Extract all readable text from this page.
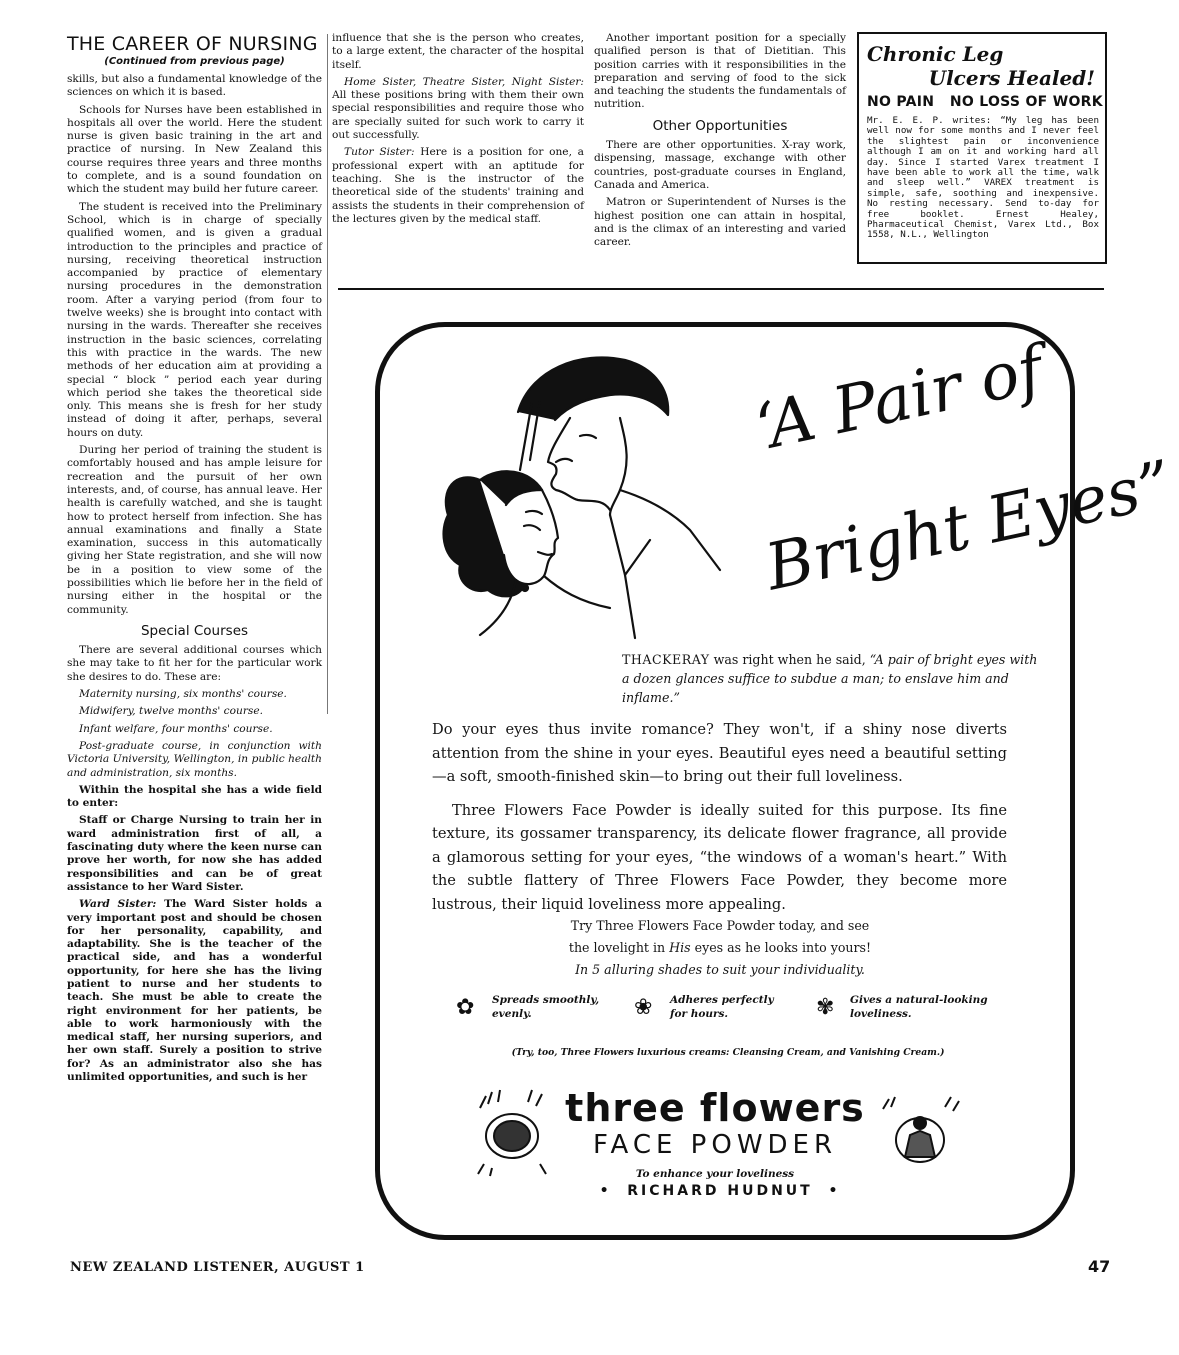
THE CAREER OF NURSING
(Continued from previous page)

skills, but also a fundamental knowledge of the sciences on which it is based.

Schools for Nurses have been established in hospitals all over the world. Here the student nurse is given basic training in the art and practice of nursing. In New Zealand this course requires three years and three months to complete, and is a sound foundation on which the student may build her future career.

The student is received into the Preliminary School, which is in charge of specially qualified women, and is given a gradual introduction to the principles and practice of nursing, receiving theoretical instruction accompanied by practice of elementary nursing procedures in the demonstration room. After a varying period (from four to twelve weeks) she is brought into contact with nursing in the wards. Thereafter she receives instruction in the basic sciences, correlating this with practice in the wards. The new methods of her education aim at providing a special “ block ” period each year during which period she takes the theoretical side only. This means she is fresh for her study instead of doing it after, perhaps, several hours on duty.

During her period of training the student is comfortably housed and has ample leisure for recreation and the pursuit of her own interests, and, of course, has annual leave. Her health is carefully watched, and she is taught how to protect herself from infection. She has annual examinations and finally a State examination, success in this automatically giving her State registration, and she will now be in a position to view some of the possibilities which lie before her in the field of nursing either in the hospital or the community.

Special Courses

There are several additional courses which she may take to fit her for the particular work she desires to do. These are:

Maternity nursing, six months' course.

Midwifery, twelve months' course.

Infant welfare, four months' course.

Post-graduate course, in conjunction with Victoria University, Wellington, in public health and administration, six months.

Within the hospital she has a wide field to enter:

Staff or Charge Nursing to train her in ward administration first of all, a fascinating duty where the keen nurse can prove her worth, for now she has added responsibilities and can be of great assistance to her Ward Sister.

Ward Sister: The Ward Sister holds a very important post and should be chosen for her personality, capability, and adaptability. She is the teacher of the practical side, and has a wonderful opportunity, for here she has the living patient to nurse and her students to teach. She must be able to create the right environment for her patients, be able to work harmoniously with the medical staff, her nursing superiors, and her own staff. Surely a position to strive for? As an administrator also she has unlimited opportunities, and such is her

influence that she is the person who creates, to a large extent, the character of the hospital itself.

Home Sister, Theatre Sister, Night Sister: All these positions bring with them their own special responsibilities and require those who are specially suited for such work to carry it out successfully.

Tutor Sister: Here is a position for one, a professional expert with an aptitude for teaching. She is the instructor of the theoretical side of the students' training and assists the students in their comprehension of the lectures given by the medical staff.

Another important position for a specially qualified person is that of Dietitian. This position carries with it responsibilities in the preparation and serving of food to the sick and teaching the students the fundamentals of nutrition.

Other Opportunities

There are other opportunities. X-ray work, dispensing, massage, exchange with other countries, post-graduate courses in England, Canada and America.

Matron or Superintendent of Nurses is the highest position one can attain in hospital, and is the climax of an interesting and varied career.

Chronic Leg
Ulcers Healed!
NO PAIN   NO LOSS OF WORK
Mr. E. E. P. writes: “My leg has been well now for some months and I never feel the slightest pain or inconvenience although I am on it and working hard all day. Since I started Varex treatment I have been able to work all the time, walk and sleep well.” VAREX treatment is simple, safe, soothing and inexpensive. No resting necessary. Send to-day for free booklet. Ernest Healey, Pharmaceutical Chemist, Varex Ltd., Box 1558, N.L., Wellington
‘A Pair of
Bright Eyes”
THACKERAY was right when he said, “A pair of bright eyes with a dozen glances suffice to subdue a man; to enslave him and inflame.”

Do your eyes thus invite romance? They won't, if a shiny nose diverts attention from the shine in your eyes. Beautiful eyes need a beautiful setting—a soft, smooth-finished skin—to bring out their full loveliness.

Three Flowers Face Powder is ideally suited for this purpose. Its fine texture, its gossamer transparency, its delicate flower fragrance, all provide a glamorous setting for your eyes, “the windows of a woman's heart.” With the subtle flattery of Three Flowers Face Powder, they become more lustrous, their liquid loveliness more appealing.

Try Three Flowers Face Powder today, and see
the lovelight in His eyes as he looks into yours!
In 5 alluring shades to suit your individuality.
✿ Spreads smoothly, evenly.	❀ Adheres perfectly for hours.	✾ Gives a natural-looking loveliness.
(Try, too, Three Flowers luxurious creams: Cleansing Cream, and Vanishing Cream.)
three flowers
FACE POWDER
To enhance your loveliness
•  RICHARD HUDNUT  •
NEW ZEALAND LISTENER, AUGUST 1	47
